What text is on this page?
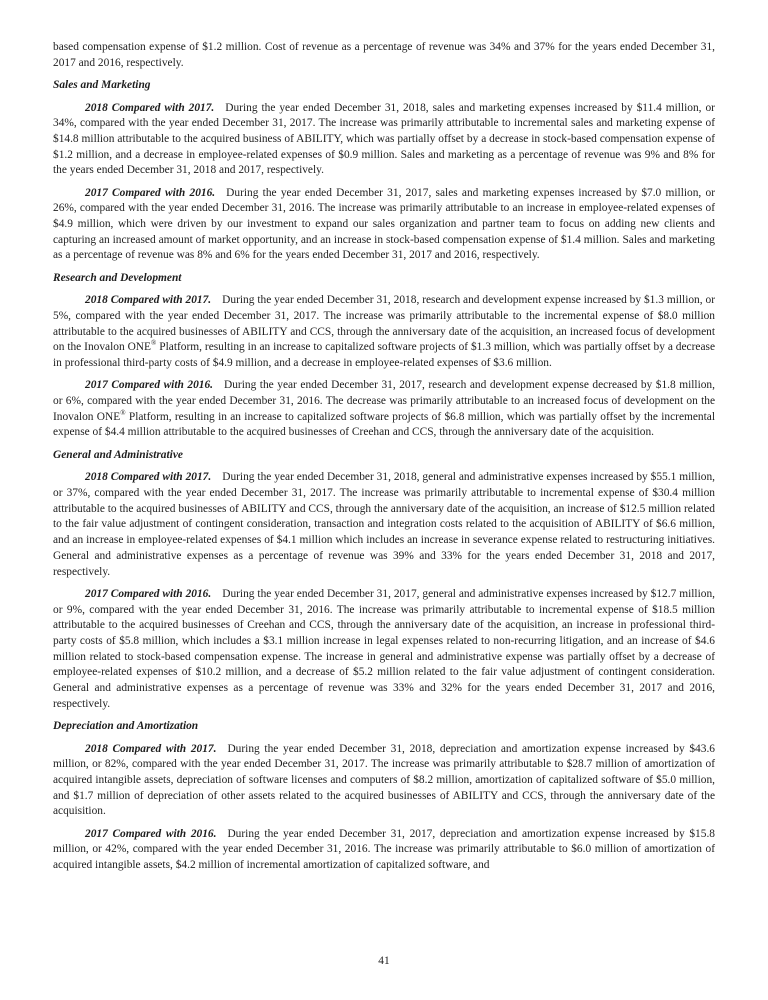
based compensation expense of $1.2 million. Cost of revenue as a percentage of revenue was 34% and 37% for the years ended December 31, 2017 and 2016, respectively.

Sales and Marketing

2018 Compared with 2017. During the year ended December 31, 2018, sales and marketing expenses increased by $11.4 million, or 34%, compared with the year ended December 31, 2017. The increase was primarily attributable to incremental sales and marketing expense of $14.8 million attributable to the acquired business of ABILITY, which was partially offset by a decrease in stock-based compensation expense of $1.2 million, and a decrease in employee-related expenses of $0.9 million. Sales and marketing as a percentage of revenue was 9% and 8% for the years ended December 31, 2018 and 2017, respectively.

2017 Compared with 2016. During the year ended December 31, 2017, sales and marketing expenses increased by $7.0 million, or 26%, compared with the year ended December 31, 2016. The increase was primarily attributable to an increase in employee-related expenses of $4.9 million, which were driven by our investment to expand our sales organization and partner team to focus on adding new clients and capturing an increased amount of market opportunity, and an increase in stock-based compensation expense of $1.4 million. Sales and marketing as a percentage of revenue was 8% and 6% for the years ended December 31, 2017 and 2016, respectively.

Research and Development

2018 Compared with 2017. During the year ended December 31, 2018, research and development expense increased by $1.3 million, or 5%, compared with the year ended December 31, 2017. The increase was primarily attributable to the incremental expense of $8.0 million attributable to the acquired businesses of ABILITY and CCS, through the anniversary date of the acquisition, an increased focus of development on the Inovalon ONE® Platform, resulting in an increase to capitalized software projects of $1.3 million, which was partially offset by a decrease in professional third-party costs of $4.9 million, and a decrease in employee-related expenses of $3.6 million.

2017 Compared with 2016. During the year ended December 31, 2017, research and development expense decreased by $1.8 million, or 6%, compared with the year ended December 31, 2016. The decrease was primarily attributable to an increased focus of development on the Inovalon ONE® Platform, resulting in an increase to capitalized software projects of $6.8 million, which was partially offset by the incremental expense of $4.4 million attributable to the acquired businesses of Creehan and CCS, through the anniversary date of the acquisition.

General and Administrative

2018 Compared with 2017. During the year ended December 31, 2018, general and administrative expenses increased by $55.1 million, or 37%, compared with the year ended December 31, 2017. The increase was primarily attributable to incremental expense of $30.4 million attributable to the acquired businesses of ABILITY and CCS, through the anniversary date of the acquisition, an increase of $12.5 million related to the fair value adjustment of contingent consideration, transaction and integration costs related to the acquisition of ABILITY of $6.6 million, and an increase in employee-related expenses of $4.1 million which includes an increase in severance expense related to restructuring initiatives. General and administrative expenses as a percentage of revenue was 39% and 33% for the years ended December 31, 2018 and 2017, respectively.

2017 Compared with 2016. During the year ended December 31, 2017, general and administrative expenses increased by $12.7 million, or 9%, compared with the year ended December 31, 2016. The increase was primarily attributable to incremental expense of $18.5 million attributable to the acquired businesses of Creehan and CCS, through the anniversary date of the acquisition, an increase in professional third-party costs of $5.8 million, which includes a $3.1 million increase in legal expenses related to non-recurring litigation, and an increase of $4.6 million related to stock-based compensation expense. The increase in general and administrative expense was partially offset by a decrease of employee-related expenses of $10.2 million, and a decrease of $5.2 million related to the fair value adjustment of contingent consideration. General and administrative expenses as a percentage of revenue was 33% and 32% for the years ended December 31, 2017 and 2016, respectively.

Depreciation and Amortization

2018 Compared with 2017. During the year ended December 31, 2018, depreciation and amortization expense increased by $43.6 million, or 82%, compared with the year ended December 31, 2017. The increase was primarily attributable to $28.7 million of amortization of acquired intangible assets, depreciation of software licenses and computers of $8.2 million, amortization of capitalized software of $5.0 million, and $1.7 million of depreciation of other assets related to the acquired businesses of ABILITY and CCS, through the anniversary date of the acquisition.

2017 Compared with 2016. During the year ended December 31, 2017, depreciation and amortization expense increased by $15.8 million, or 42%, compared with the year ended December 31, 2016. The increase was primarily attributable to $6.0 million of amortization of acquired intangible assets, $4.2 million of incremental amortization of capitalized software, and

41
